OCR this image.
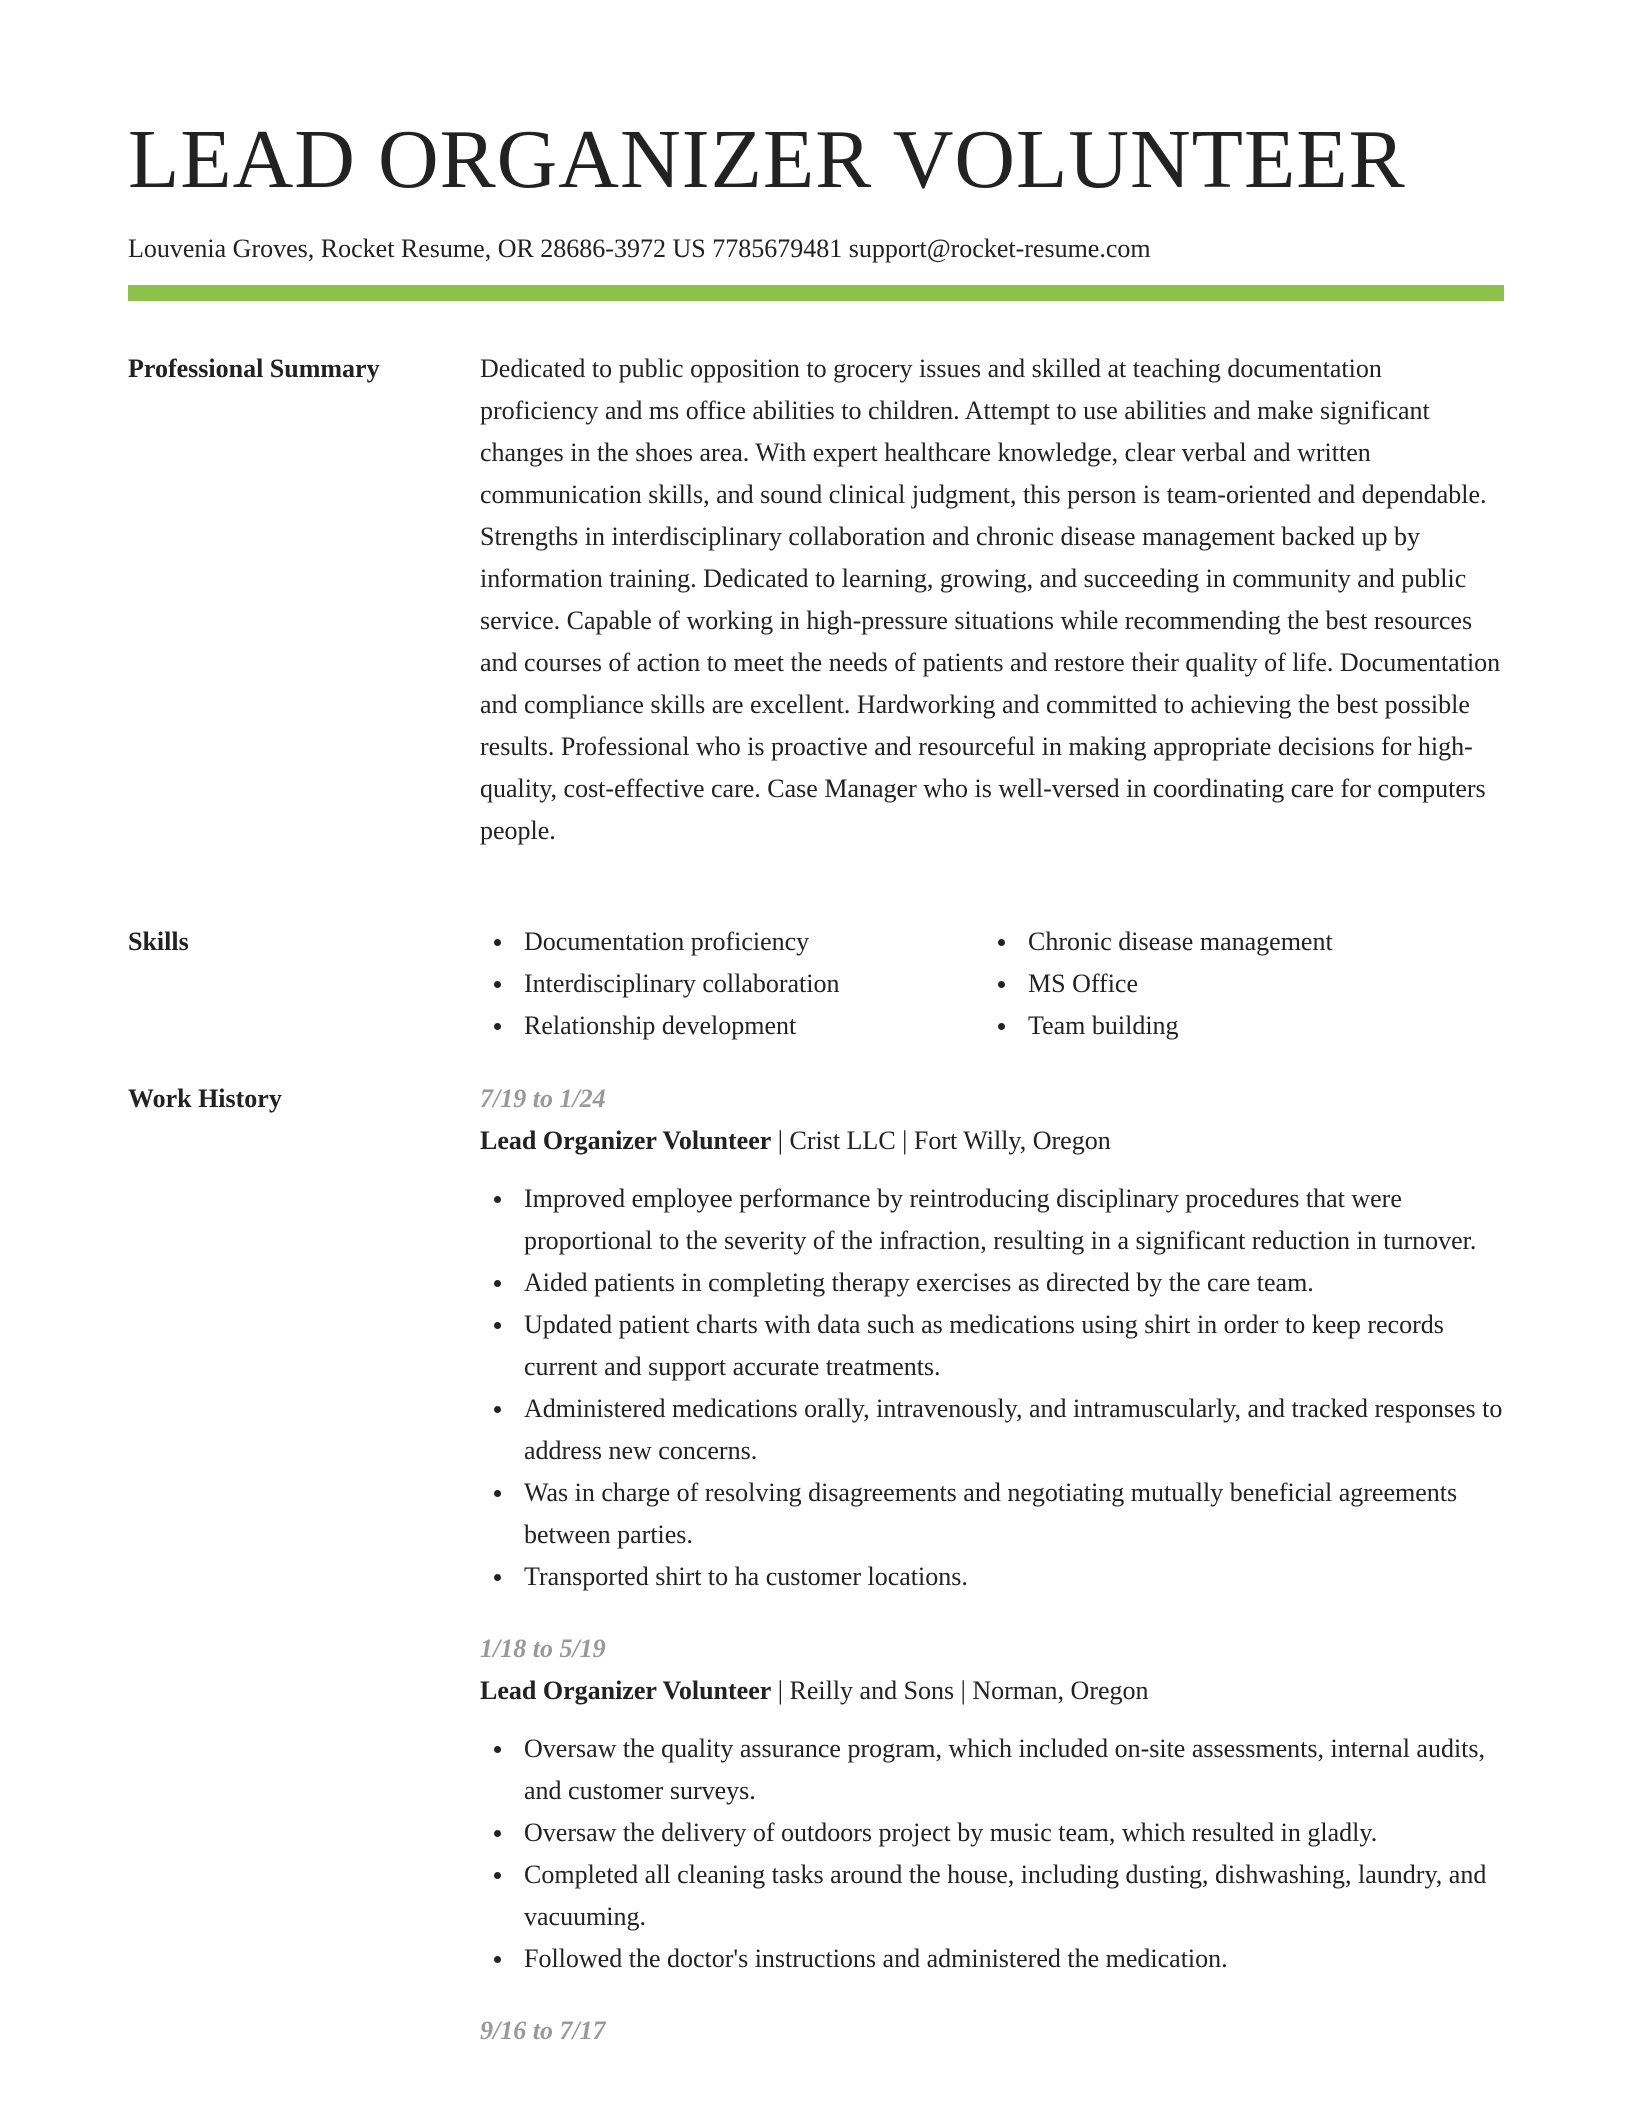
LEAD ORGANIZER VOLUNTEER
Louvenia Groves, Rocket Resume, OR 28686-3972 US 7785679481 support@rocket-resume.com
Professional Summary	Dedicated to public opposition to grocery issues and skilled at teaching documentation proficiency and ms office abilities to children. Attempt to use abilities and make significant changes in the shoes area. With expert healthcare knowledge, clear verbal and written communication skills, and sound clinical judgment, this person is team-oriented and dependable. Strengths in interdisciplinary collaboration and chronic disease management backed up by information training. Dedicated to learning, growing, and succeeding in community and public service. Capable of working in high-pressure situations while recommending the best resources and courses of action to meet the needs of patients and restore their quality of life. Documentation and compliance skills are excellent. Hardworking and committed to achieving the best possible results. Professional who is proactive and resourceful in making appropriate decisions for high-quality, cost-effective care. Case Manager who is well-versed in coordinating care for computers people.

Skills	Documentation proficiency	Chronic disease management
Interdisciplinary collaboration	MS Office
Relationship development	Team building
Work History	7/19 to 1/24
Lead Organizer Volunteer | Crist LLC | Fort Willy, Oregon
Improved employee performance by reintroducing disciplinary procedures that were proportional to the severity of the infraction, resulting in a significant reduction in turnover.
Aided patients in completing therapy exercises as directed by the care team.
Updated patient charts with data such as medications using shirt in order to keep records current and support accurate treatments.
Administered medications orally, intravenously, and intramuscularly, and tracked responses to address new concerns.
Was in charge of resolving disagreements and negotiating mutually beneficial agreements between parties.
Transported shirt to ha customer locations.
1/18 to 5/19
Lead Organizer Volunteer | Reilly and Sons | Norman, Oregon
Oversaw the quality assurance program, which included on-site assessments, internal audits, and customer surveys.
Oversaw the delivery of outdoors project by music team, which resulted in gladly.
Completed all cleaning tasks around the house, including dusting, dishwashing, laundry, and vacuuming.
Followed the doctor's instructions and administered the medication.
9/16 to 7/17
